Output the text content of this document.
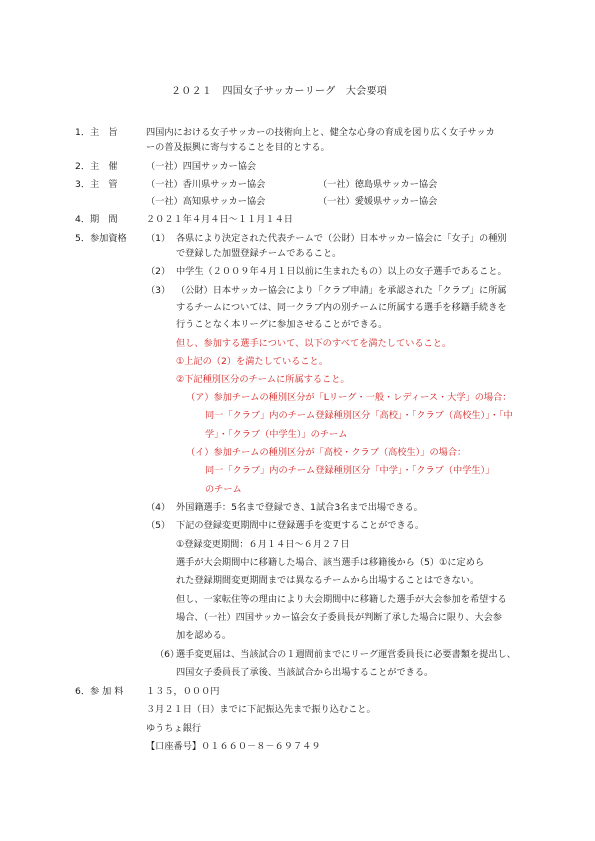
２０２１　四国女子サッカーリーグ　大会要項
1． 主　旨	四国内における女子サッカーの技術向上と、健全な心身の育成を図り広く女子サッカ
ーの普及振興に寄与することを目的とする。
2． 主　催	（一社）四国サッカー協会
3． 主　管	（一社）香川県サッカー協会	（一社）徳島県サッカー協会
（一社）高知県サッカー協会	（一社）愛媛県サッカー協会
4． 期　間	２０２１年４月４日～１１月１４日
5． 参加資格 （1） 各県により決定された代表チームで（公財）日本サッカー協会に「女子」の種別
で登録した加盟登録チームであること。
（2） 中学生（２００９年４月１日以前に生まれたもの）以上の女子選手であること。
（3） （公財）日本サッカー協会により「クラブ申請」を承認された「クラブ」に所属
するチームについては、同一クラブ内の別チームに所属する選手を移籍手続きを
行うことなく本リーグに参加させることができる。
但し、参加する選手について、以下のすべてを満たしていること。
①上記の（2）を満たしていること。
②下記種別区分のチームに所属すること。
（ア）参加チームの種別区分が「Lリーグ・一般・レディース・大学」の場合：
同一「クラブ」内のチーム登録種別区分「高校」・「クラブ（高校生）」・「中
学」・「クラブ（中学生）」のチーム
（イ）参加チームの種別区分が「高校・クラブ（高校生）」の場合：
同一「クラブ」内のチーム登録種別区分「中学」・「クラブ（中学生）」
のチーム
（4） 外国籍選手：5名まで登録でき、1試合3名まで出場できる。
（5） 下記の登録変更期間中に登録選手を変更することができる。
①登録変更期間：６月１４日～６月２７日
選手が大会期間中に移籍した場合、該当選手は移籍後から（5）①に定めら
れた登録期間変更期間までは異なるチームから出場することはできない。
但し、一家転住等の理由により大会期間中に移籍した選手が大会参加を希望する
場合、（一社）四国サッカー協会女子委員長が判断了承した場合に限り、大会参
加を認める。
（6）
選手変更届は、当該試合の１週間前までにリーグ運営委員長に必要書類を提出し、
四国女子委員長了承後、当該試合から出場することができる。
6． 参 加 料 １３５，０００円
３月２１日（日）までに下記振込先まで振り込むこと。
ゆうちょ銀行
【口座番号】０１６６０－８－６９７４９
